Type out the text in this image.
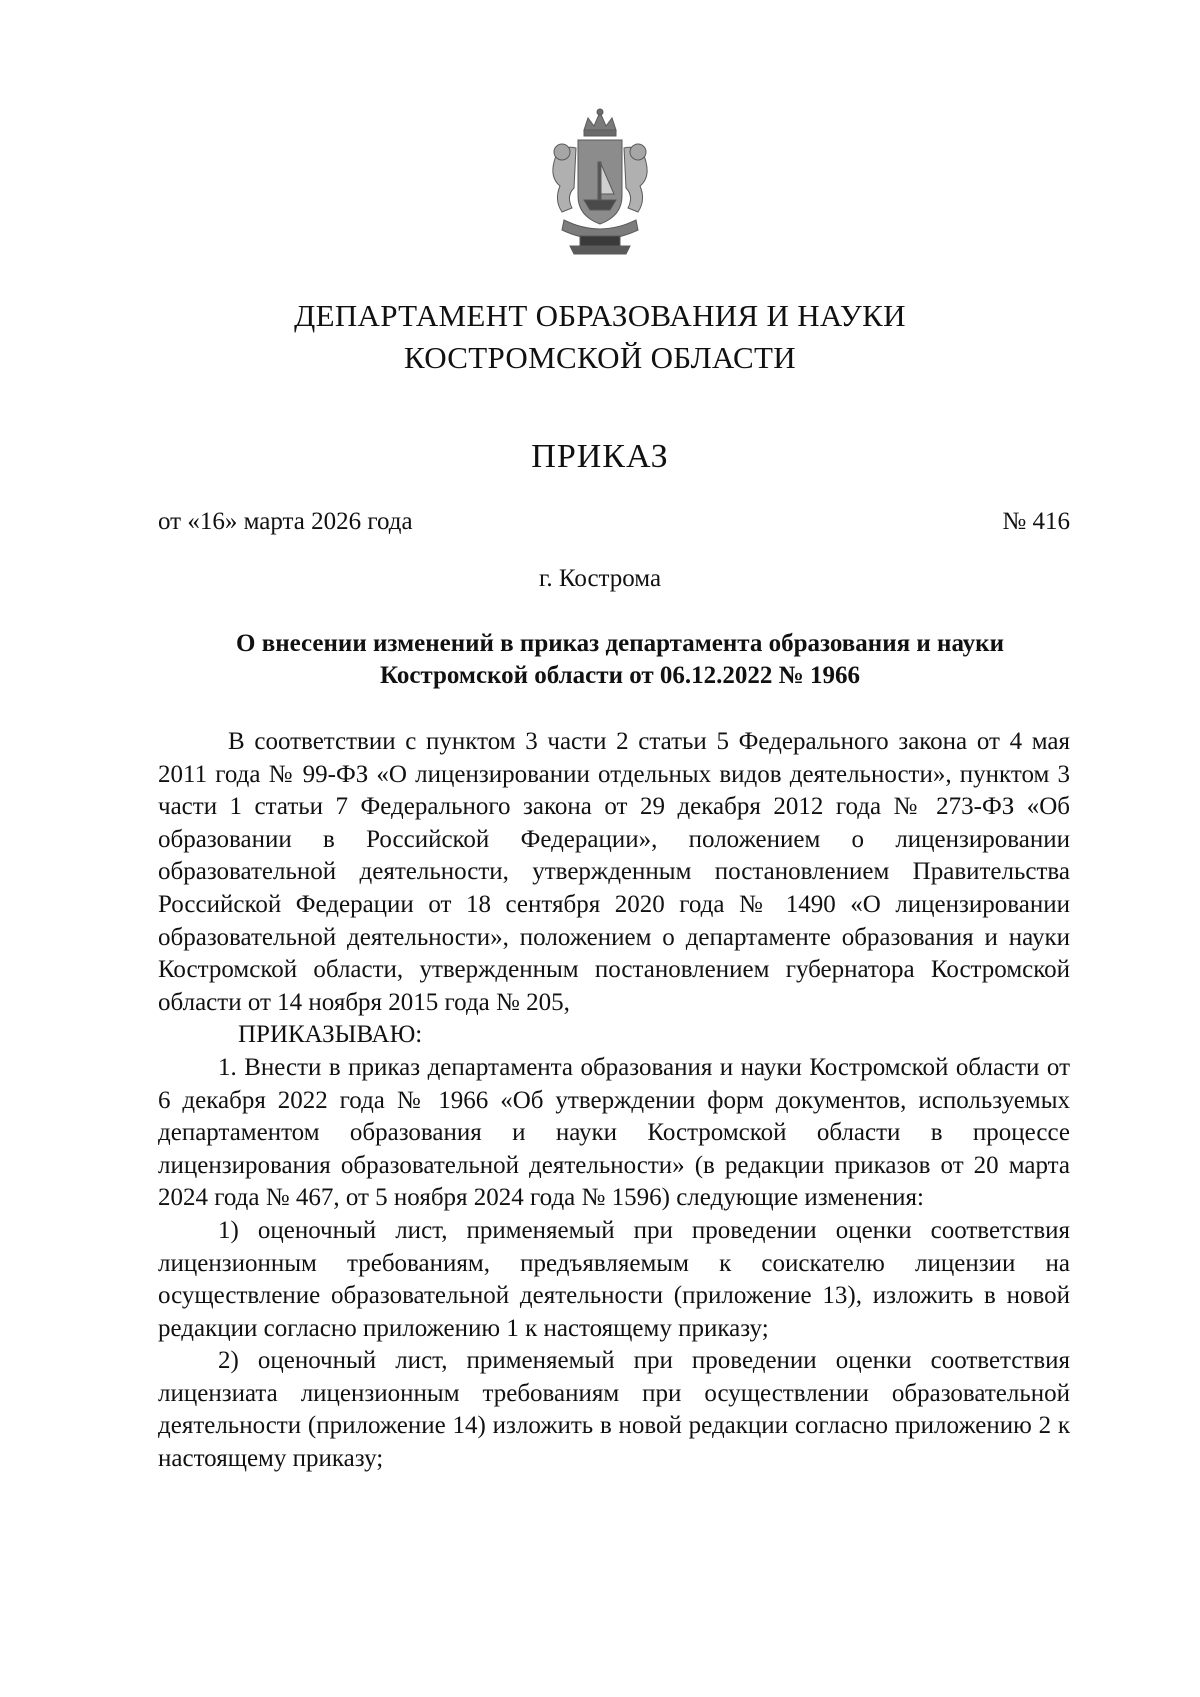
ДЕПАРТАМЕНТ ОБРАЗОВАНИЯ И НАУКИ
КОСТРОМСКОЙ ОБЛАСТИ
ПРИКАЗ
от «16» марта 2026 года	№ 416
г. Кострома
О внесении изменений в приказ департамента образования и науки
Костромской области от 06.12.2022 № 1966
В соответствии с пунктом 3 части 2 статьи 5 Федерального закона от 4 мая 2011 года № 99-ФЗ «О лицензировании отдельных видов деятельности», пунктом 3 части 1 статьи 7 Федерального закона от 29 декабря 2012 года № 273-ФЗ «Об образовании в Российской Федерации», положением о лицензировании образовательной деятельности, утвержденным постановлением Правительства Российской Федерации от 18 сентября 2020 года № 1490 «О лицензировании образовательной деятельности», положением о департаменте образования и науки Костромской области, утвержденным постановлением губернатора Костромской области от 14 ноября 2015 года № 205,
ПРИКАЗЫВАЮ:
1. Внести в приказ департамента образования и науки Костромской области от 6 декабря 2022 года № 1966 «Об утверждении форм документов, используемых департаментом образования и науки Костромской области в процессе лицензирования образовательной деятельности» (в редакции приказов от 20 марта 2024 года № 467, от 5 ноября 2024 года № 1596) следующие изменения:
1) оценочный лист, применяемый при проведении оценки соответствия лицензионным требованиям, предъявляемым к соискателю лицензии на осуществление образовательной деятельности (приложение 13), изложить в новой редакции согласно приложению 1 к настоящему приказу;
2) оценочный лист, применяемый при проведении оценки соответствия лицензиата лицензионным требованиям при осуществлении образовательной деятельности (приложение 14) изложить в новой редакции согласно приложению 2 к настоящему приказу;
